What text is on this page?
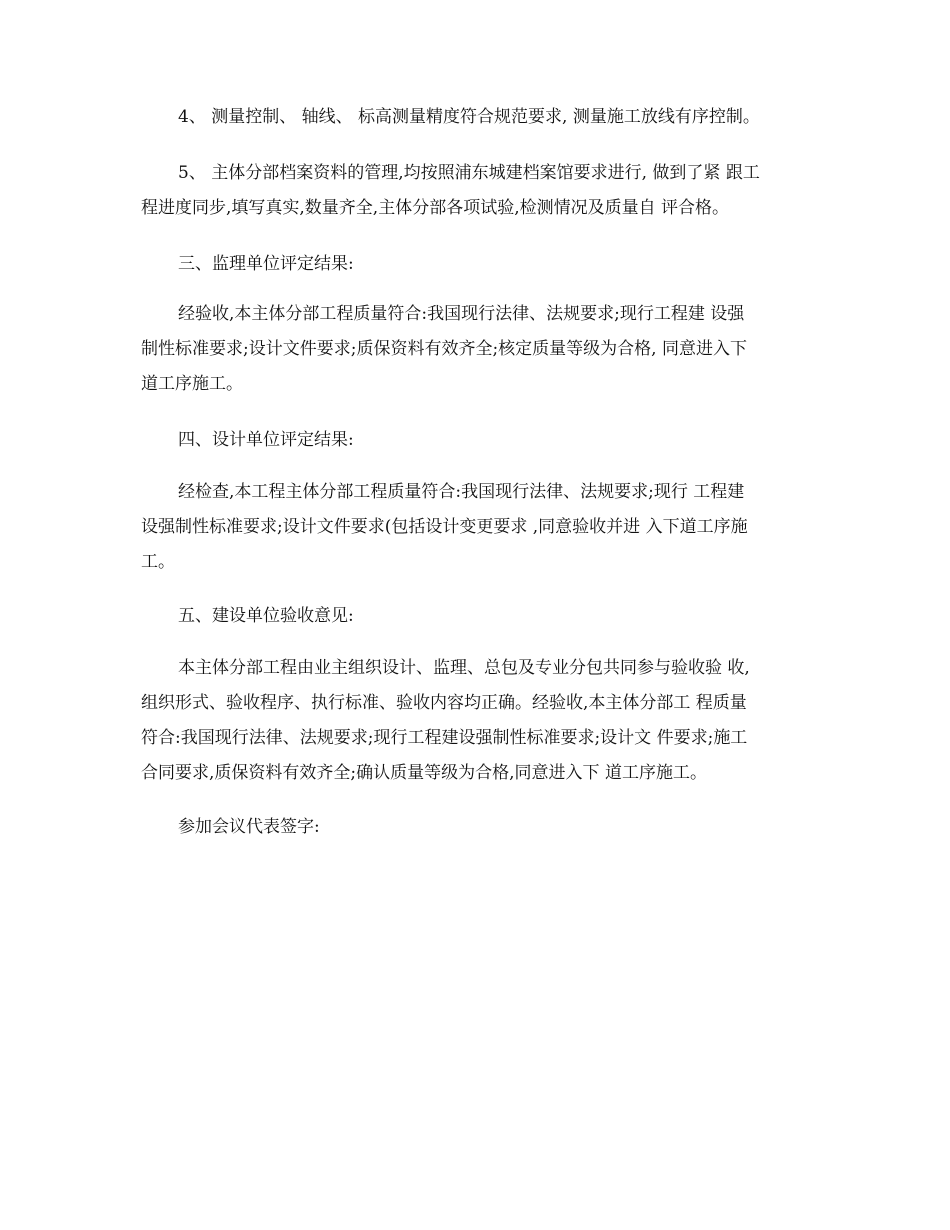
4、 测量控制、 轴线、 标高测量精度符合规范要求, 测量施工放线有序控制。
5、 主体分部档案资料的管理,均按照浦东城建档案馆要求进行, 做到了紧 跟工
程进度同步,填写真实,数量齐全,主体分部各项试验,检测情况及质量自 评合格。
三、监理单位评定结果:
经验收,本主体分部工程质量符合:我国现行法律、法规要求;现行工程建 设强
制性标准要求;设计文件要求;质保资料有效齐全;核定质量等级为合格, 同意进入下
道工序施工。
四、设计单位评定结果:
经检查,本工程主体分部工程质量符合:我国现行法律、法规要求;现行 工程建
设强制性标准要求;设计文件要求(包括设计变更要求 ,同意验收并进 入下道工序施
工。
五、建设单位验收意见:
本主体分部工程由业主组织设计、监理、总包及专业分包共同参与验收验 收,
组织形式、验收程序、执行标准、验收内容均正确。经验收,本主体分部工 程质量
符合:我国现行法律、法规要求;现行工程建设强制性标准要求;设计文 件要求;施工
合同要求,质保资料有效齐全;确认质量等级为合格,同意进入下 道工序施工。
参加会议代表签字:
